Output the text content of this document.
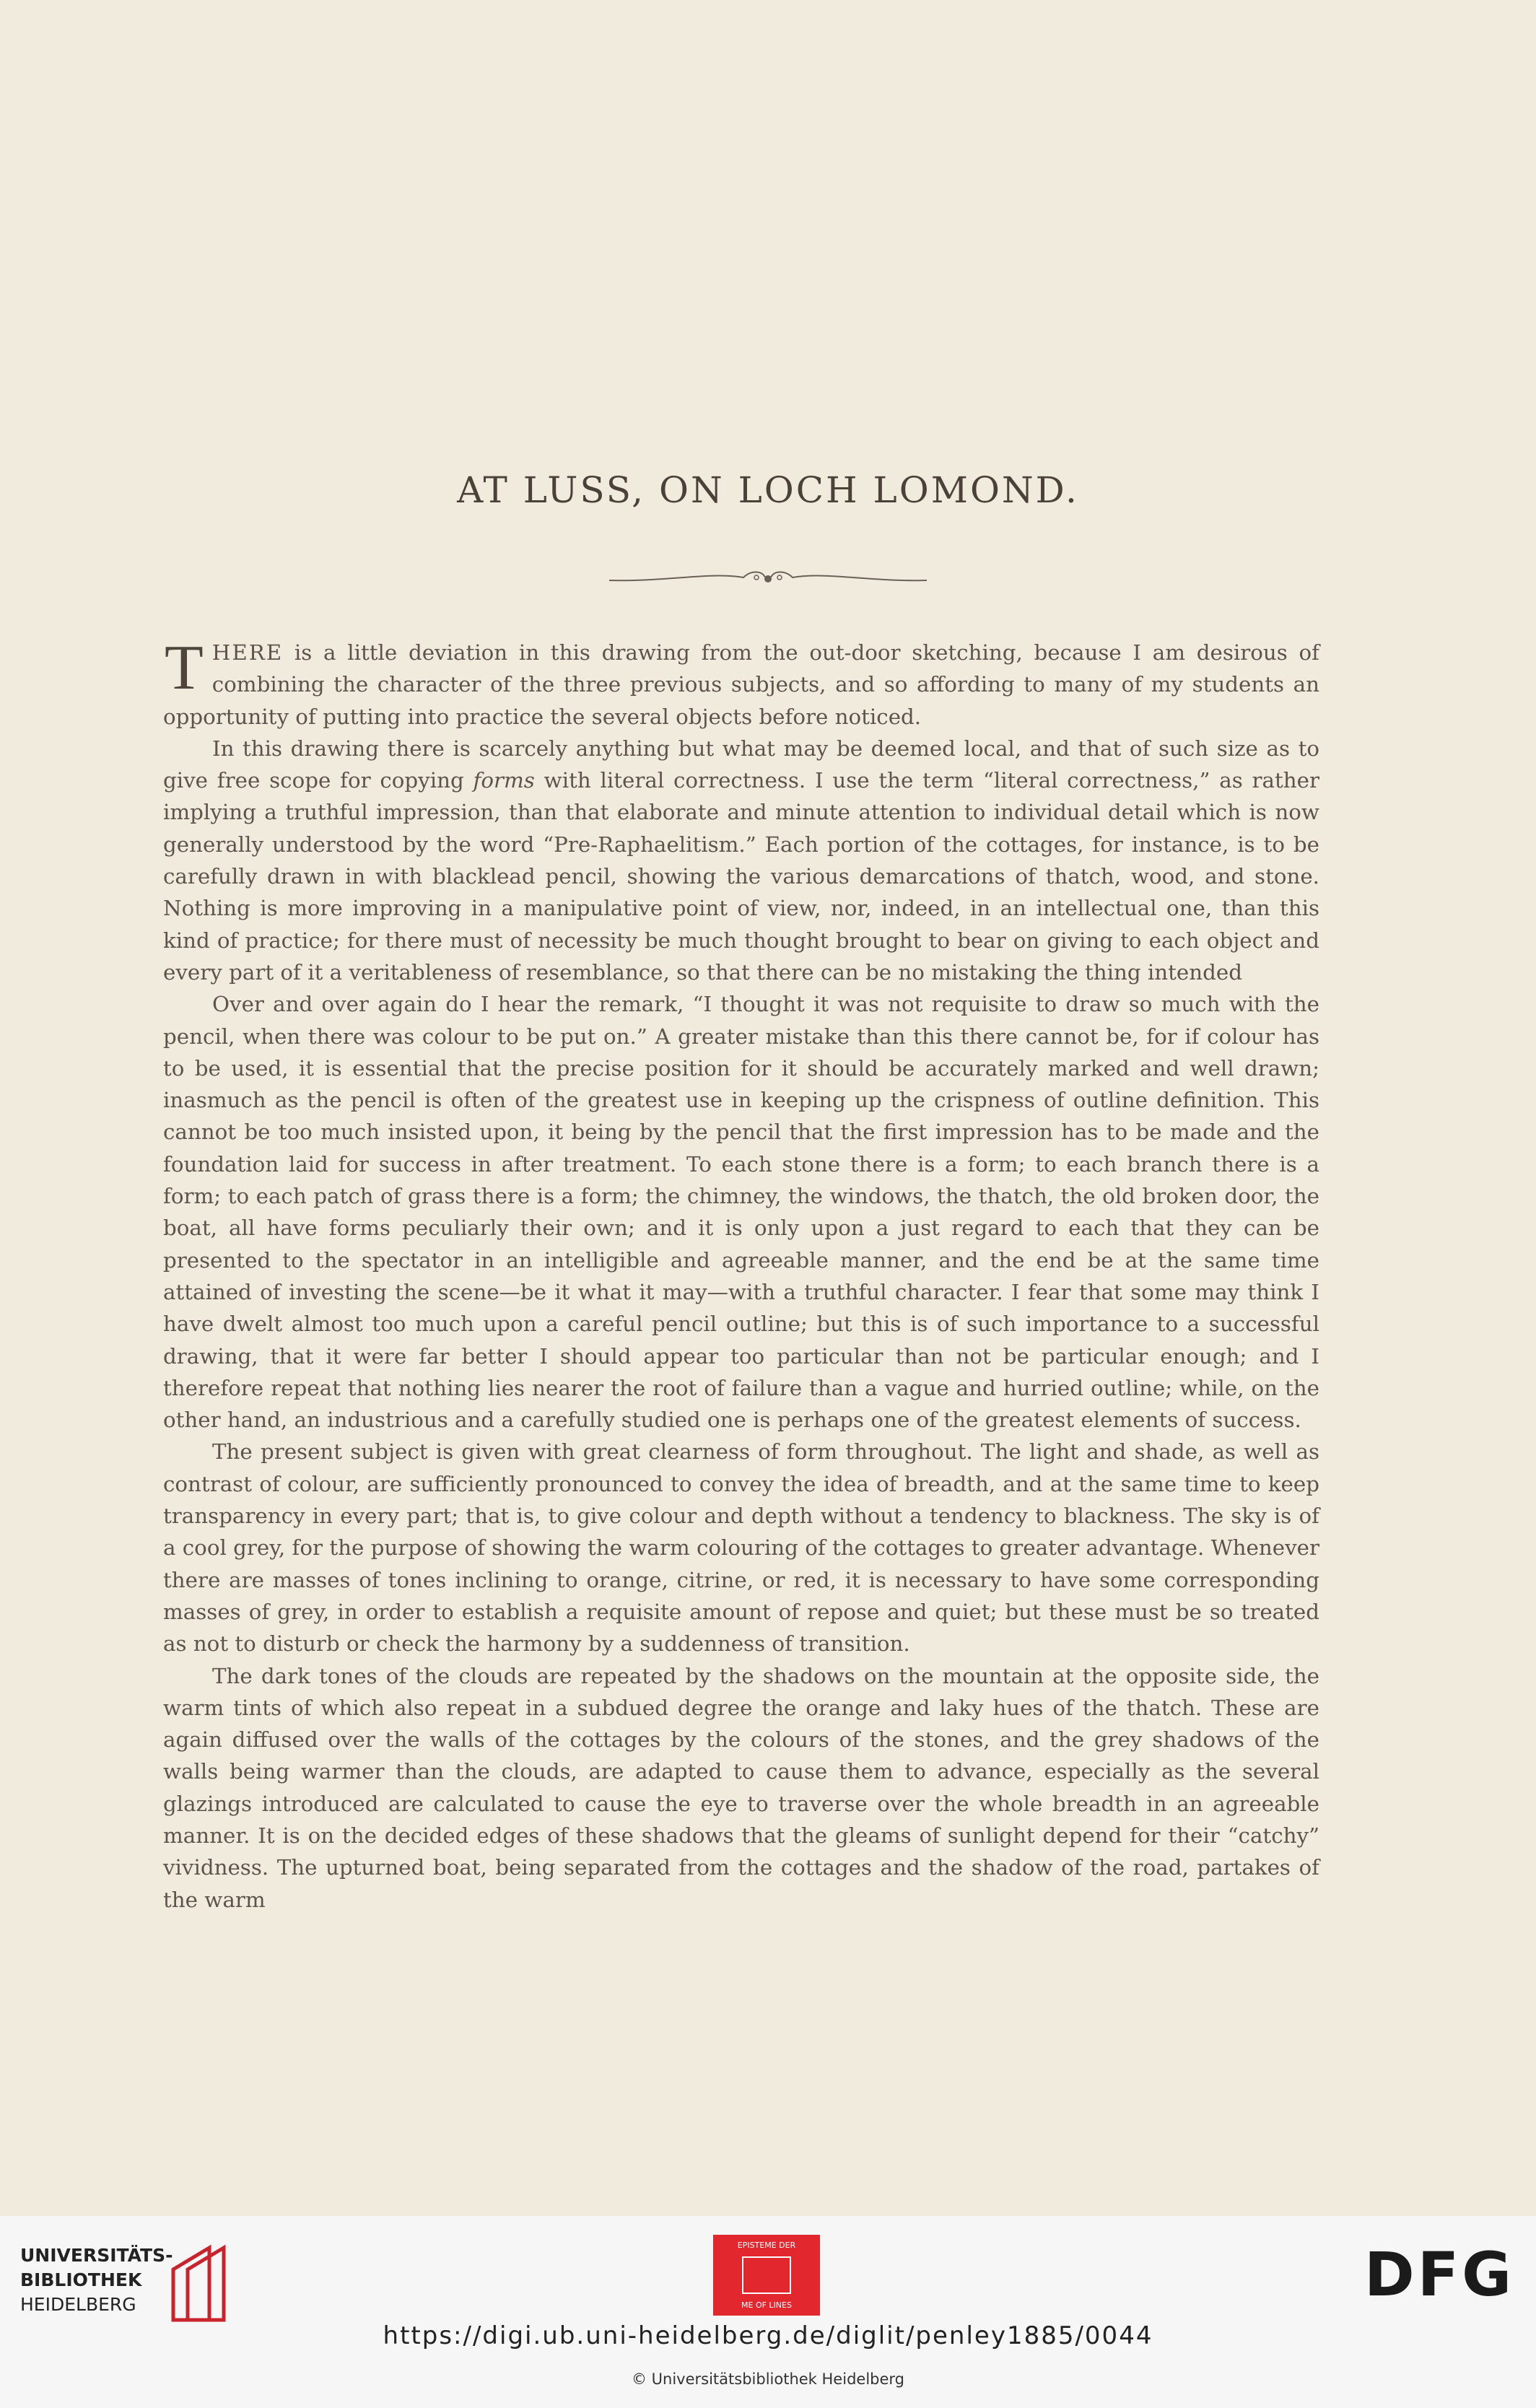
AT LUSS, ON LOCH LOMOND.

THERE is a little deviation in this drawing from the out-door sketching, because I am desirous of combining the character of the three previous subjects, and so affording to many of my students an opportunity of putting into practice the several objects before noticed.

In this drawing there is scarcely anything but what may be deemed local, and that of such size as to give free scope for copying forms with literal correctness. I use the term “literal correctness,” as rather implying a truthful impression, than that elaborate and minute attention to individual detail which is now generally understood by the word “Pre-Raphaelitism.” Each portion of the cottages, for instance, is to be carefully drawn in with blacklead pencil, showing the various demarcations of thatch, wood, and stone. Nothing is more improving in a manipulative point of view, nor, indeed, in an intellectual one, than this kind of practice; for there must of necessity be much thought brought to bear on giving to each object and every part of it a veritableness of resemblance, so that there can be no mistaking the thing intended

Over and over again do I hear the remark, “I thought it was not requisite to draw so much with the pencil, when there was colour to be put on.” A greater mistake than this there cannot be, for if colour has to be used, it is essential that the precise position for it should be accurately marked and well drawn; inasmuch as the pencil is often of the greatest use in keeping up the crispness of outline definition. This cannot be too much insisted upon, it being by the pencil that the first impression has to be made and the foundation laid for success in after treatment. To each stone there is a form; to each branch there is a form; to each patch of grass there is a form; the chimney, the windows, the thatch, the old broken door, the boat, all have forms peculiarly their own; and it is only upon a just regard to each that they can be presented to the spectator in an intelligible and agreeable manner, and the end be at the same time attained of investing the scene—be it what it may—with a truthful character. I fear that some may think I have dwelt almost too much upon a careful pencil outline; but this is of such importance to a successful drawing, that it were far better I should appear too particular than not be particular enough; and I therefore repeat that nothing lies nearer the root of failure than a vague and hurried outline; while, on the other hand, an industrious and a carefully studied one is perhaps one of the greatest elements of success.

The present subject is given with great clearness of form throughout. The light and shade, as well as contrast of colour, are sufficiently pronounced to convey the idea of breadth, and at the same time to keep transparency in every part; that is, to give colour and depth without a tendency to blackness. The sky is of a cool grey, for the purpose of showing the warm colouring of the cottages to greater advantage. Whenever there are masses of tones inclining to orange, citrine, or red, it is necessary to have some corresponding masses of grey, in order to establish a requisite amount of repose and quiet; but these must be so treated as not to disturb or check the harmony by a suddenness of transition.

The dark tones of the clouds are repeated by the shadows on the mountain at the opposite side, the warm tints of which also repeat in a subdued degree the orange and laky hues of the thatch. These are again diffused over the walls of the cottages by the colours of the stones, and the grey shadows of the walls being warmer than the clouds, are adapted to cause them to advance, especially as the several glazings introduced are calculated to cause the eye to traverse over the whole breadth in an agreeable manner. It is on the decided edges of these shadows that the gleams of sunlight depend for their “catchy” vividness. The upturned boat, being separated from the cottages and the shadow of the road, partakes of the warm

UNIVERSITÄTS-
BIBLIOTHEK
HEIDELBERG
EPISTEME DER
ME OF LINES	DFG
https://digi.ub.uni-heidelberg.de/diglit/penley1885/0044
© Universitätsbibliothek Heidelberg
